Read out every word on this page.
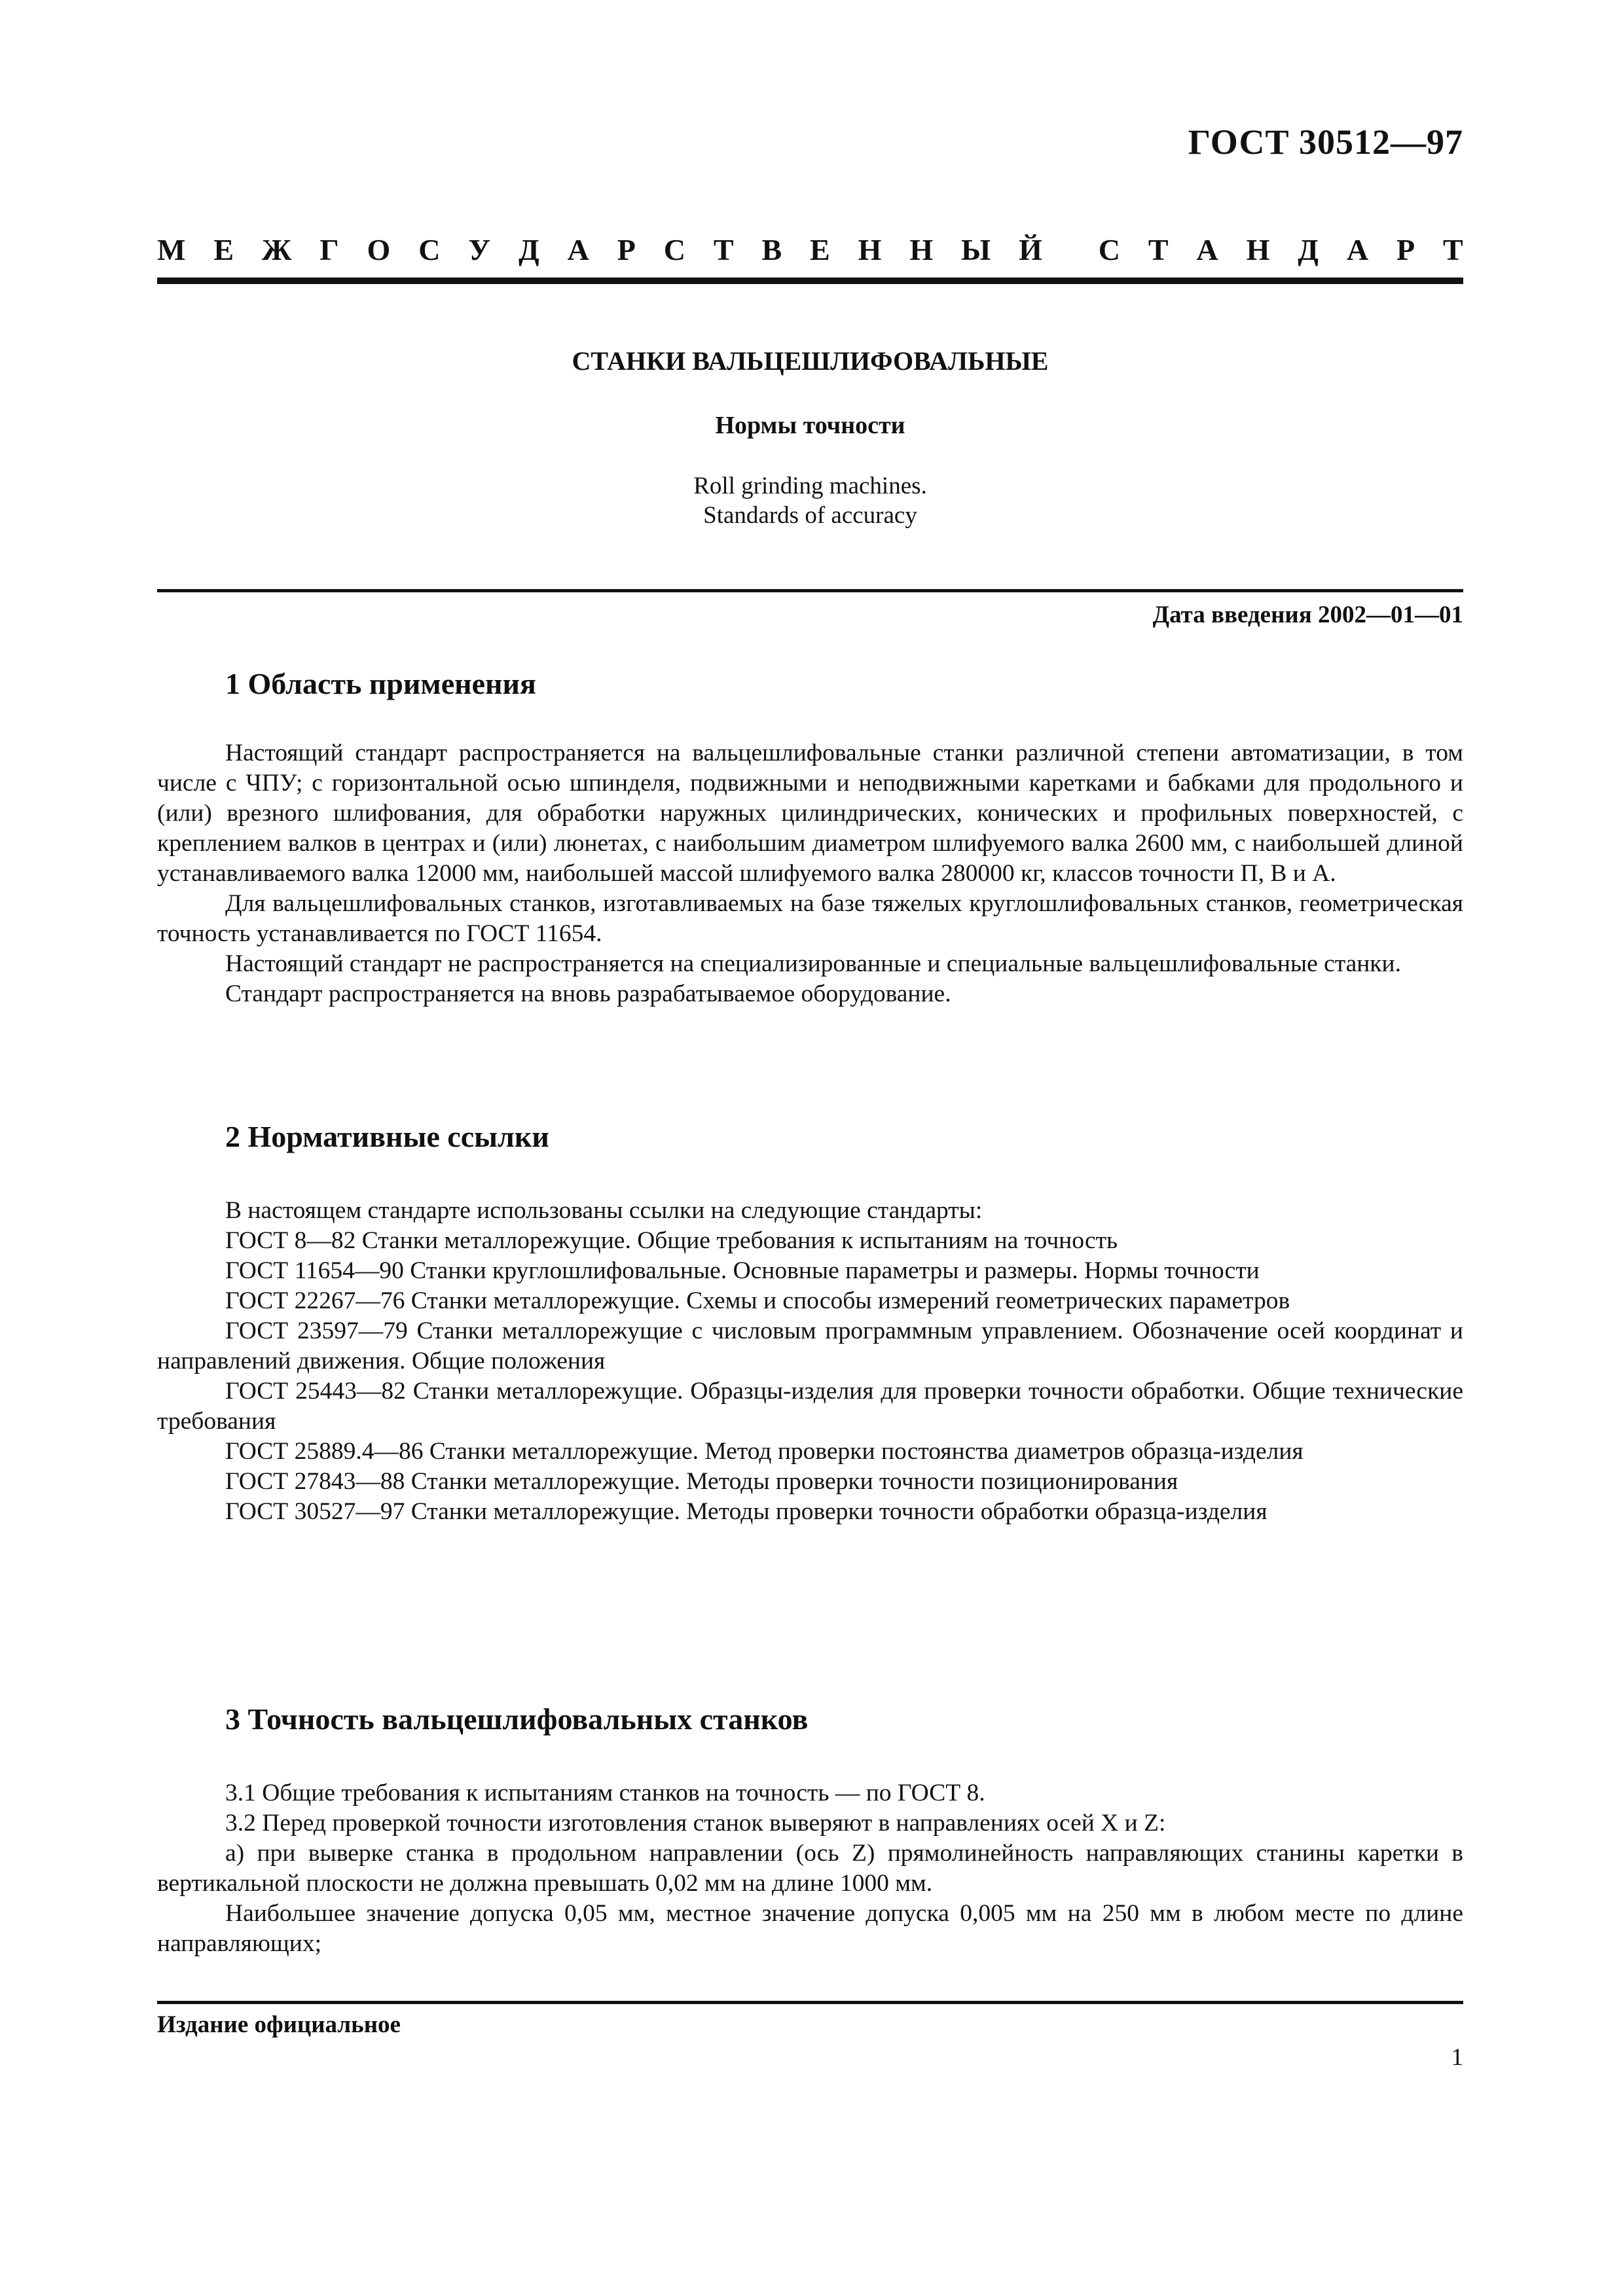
ГОСТ 30512—97
М Е Ж Г О С У Д А Р С Т В Е Н Н Ы Й С Т А Н Д А Р Т
СТАНКИ ВАЛЬЦЕШЛИФОВАЛЬНЫЕ
Нормы точности
Roll grinding machines.
Standards of accuracy
Дата введения 2002—01—01
1 Область применения

Настоящий стандарт распространяется на вальцешлифовальные станки различной степени автоматизации, в том числе с ЧПУ; с горизонтальной осью шпинделя, подвижными и неподвижными каретками и бабками для продольного и (или) врезного шлифования, для обработки наружных цилиндрических, конических и профильных поверхностей, с креплением валков в центрах и (или) люнетах, с наибольшим диаметром шлифуемого валка 2600 мм, с наибольшей длиной устанавливаемого валка 12000 мм, наибольшей массой шлифуемого валка 280000 кг, классов точности П, В и А.

Для вальцешлифовальных станков, изготавливаемых на базе тяжелых круглошлифовальных станков, геометрическая точность устанавливается по ГОСТ 11654.

Настоящий стандарт не распространяется на специализированные и специальные вальцешлифовальные станки.

Стандарт распространяется на вновь разрабатываемое оборудование.

2 Нормативные ссылки

В настоящем стандарте использованы ссылки на следующие стандарты:

ГОСТ 8—82 Станки металлорежущие. Общие требования к испытаниям на точность

ГОСТ 11654—90 Станки круглошлифовальные. Основные параметры и размеры. Нормы точности

ГОСТ 22267—76 Станки металлорежущие. Схемы и способы измерений геометрических параметров

ГОСТ 23597—79 Станки металлорежущие с числовым программным управлением. Обозначение осей координат и направлений движения. Общие положения

ГОСТ 25443—82 Станки металлорежущие. Образцы-изделия для проверки точности обработки. Общие технические требования

ГОСТ 25889.4—86 Станки металлорежущие. Метод проверки постоянства диаметров образца-изделия

ГОСТ 27843—88 Станки металлорежущие. Методы проверки точности позиционирования

ГОСТ 30527—97 Станки металлорежущие. Методы проверки точности обработки образца-изделия

3 Точность вальцешлифовальных станков

3.1 Общие требования к испытаниям станков на точность — по ГОСТ 8.

3.2 Перед проверкой точности изготовления станок выверяют в направлениях осей X и Z:

а) при выверке станка в продольном направлении (ось Z) прямолинейность направляющих станины каретки в вертикальной плоскости не должна превышать 0,02 мм на длине 1000 мм.

Наибольшее значение допуска 0,05 мм, местное значение допуска 0,005 мм на 250 мм в любом месте по длине направляющих;

Издание официальное
1
